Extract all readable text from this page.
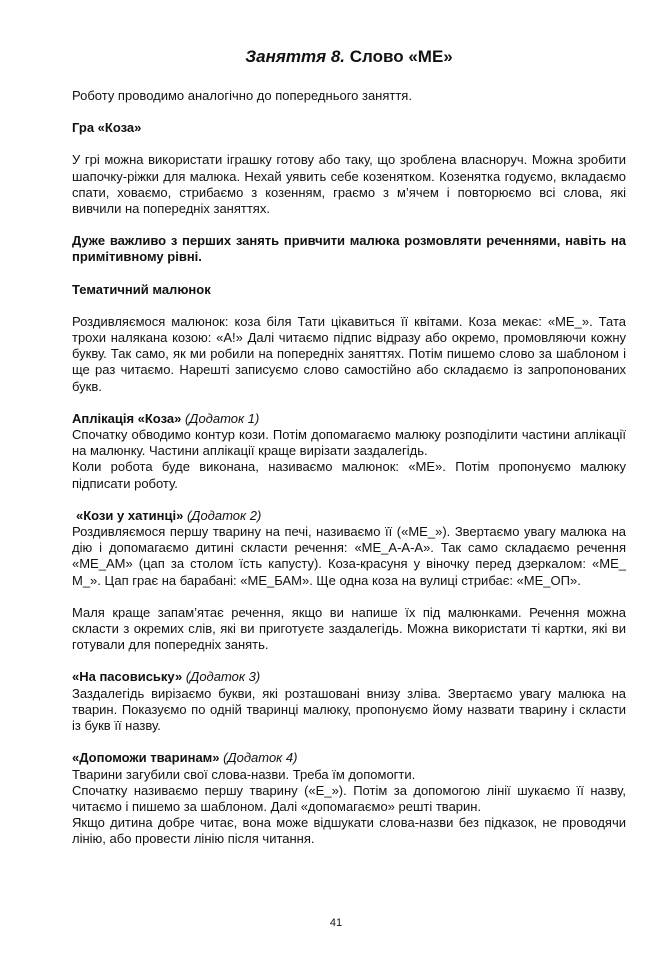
Заняття 8. Слово «МЕ»

Роботу проводимо аналогічно до попереднього заняття.

Гра «Коза»

У грі можна використати іграшку готову або таку, що зроблена власноруч. Можна зробити шапочку-ріжки для малюка. Нехай уявить себе козенятком. Козенятка годуємо, вкладаємо спати, ховаємо, стрибаємо з козенням, граємо з м’ячем і повторюємо всі слова, які вивчили на попередніх заняттях.

Дуже важливо з перших занять привчити малюка розмовляти реченнями, навіть на примітивному рівні.

Тематичний малюнок

Роздивляємося малюнок: коза біля Тати цікавиться її квітами. Коза мекає: «МЕ_». Тата трохи налякана козою: «А!» Далі читаємо підпис відразу або окремо, промовляючи кожну букву. Так само, як ми робили на попередніх заняттях. Потім пишемо слово за шаблоном і ще раз читаємо. Нарешті записуємо слово самостійно або складаємо із запропонованих букв.

Аплікація «Коза» (Додаток 1)

Спочатку обводимо контур кози. Потім допомагаємо малюку розподілити частини аплікації на малюнку. Частини аплікації краще вирізати заздалегідь.

Коли робота буде виконана, називаємо малюнок: «МЕ». Потім пропонуємо малюку підписати роботу.

«Кози у хатинці» (Додаток 2)

Роздивляємося першу тварину на печі, називаємо її («МЕ_»). Звертаємо увагу малюка на дію і допомагаємо дитині скласти речення: «МЕ_А-А-А». Так само складаємо речення «МЕ_АМ» (цап за столом їсть капусту). Коза-красуня у віночку перед дзеркалом: «МЕ_ М_». Цап грає на барабані: «МЕ_БАМ». Ще одна коза на вулиці стрибає: «МЕ_ОП».

Маля краще запам’ятає речення, якщо ви напише їх під малюнками. Речення можна скласти з окремих слів, які ви приготуєте заздалегідь. Можна використати ті картки, які ви готували для попередніх занять.

«На пасовиську» (Додаток 3)

Заздалегідь вирізаємо букви, які розташовані внизу зліва. Звертаємо увагу малюка на тварин. Показуємо по одній тваринці малюку, пропонуємо йому назвати тварину і скласти із букв її назву.

«Допоможи тваринам» (Додаток 4)

Тварини загубили свої слова-назви. Треба їм допомогти.

Спочатку називаємо першу тварину («Е_»). Потім за допомогою лінії шукаємо її назву, читаємо і пишемо за шаблоном. Далі «допомагаємо» решті тварин.

Якщо дитина добре читає, вона може відшукати слова-назви без підказок, не проводячи лінію, або провести лінію після читання.

41
